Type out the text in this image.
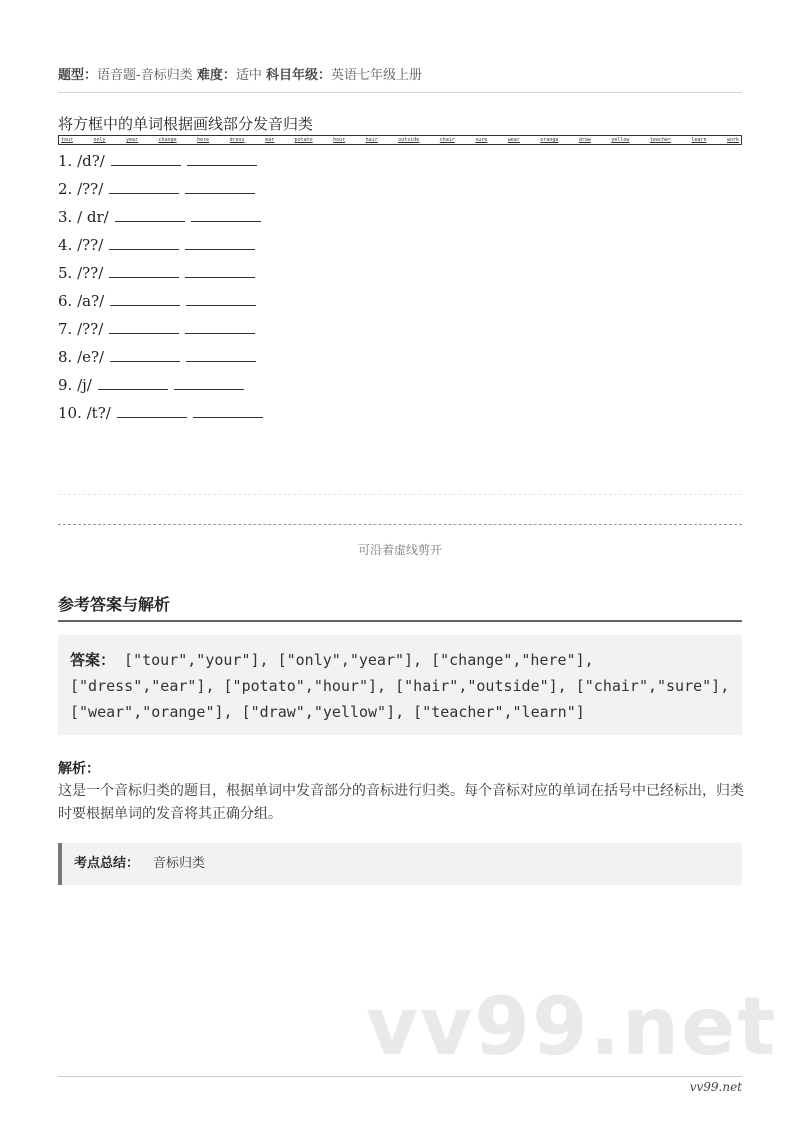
题型：语音题-音标归类 难度：适中 科目年级：英语七年级上册
将方框中的单词根据画线部分发音归类
tour	only	year	change	here	dress	ear	potato	hour	hair	outside	chair	sure	wear	orange	draw	yellow	teacher	learn	work
1. /d?/
2. /??/
3. / dr/
4. /??/
5. /??/
6. /a?/
7. /??/
8. /e?/
9. /j/
10. /t?/
可沿着虚线剪开
参考答案与解析
答案： ["tour","your"], ["only","year"], ["change","here"], ["dress","ear"], ["potato","hour"], ["hair","outside"], ["chair","sure"], ["wear","orange"], ["draw","yellow"], ["teacher","learn"]
解析：
这是一个音标归类的题目，根据单词中发音部分的音标进行归类。每个音标对应的单词在括号中已经标出，归类时要根据单词的发音将其正确分组。
考点总结： 音标归类
vv99.net
vv99.net
